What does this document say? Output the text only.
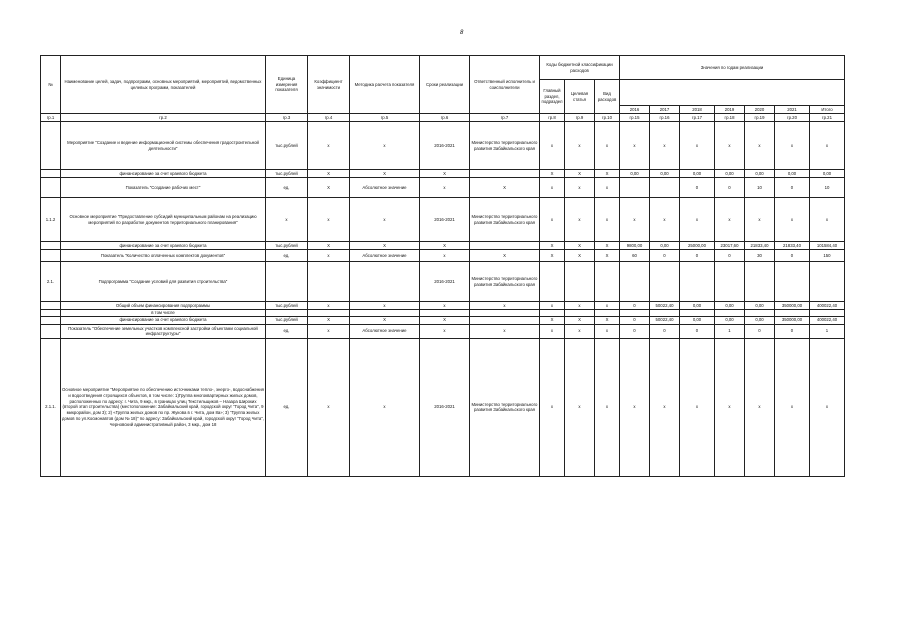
8
№	Наименование целей, задач, подпрограмм, основных мероприятий, мероприятий, ведомственных целевых программ, показателей	Единица измерения показателя	Коэффициент значимости	Методика расчета показателя	Сроки реализации	Ответственный исполнитель и соисполнители	Коды бюджетной классификации расходов			Значения по годам реализации						
							Главный раздел, подраздел	Целевая статья	Вид расходов							
										2016	2017	2018	2019	2020	2021	Итого
гр.1	гр.2	гр.3	гр.4	гр.5	гр.6	гр.7	гр.8	гр.9	гр.10	гр.15	гр.16	гр.17	гр.18	гр.19	гр.20	гр.21
	Мероприятие "Создание и ведение информационной системы обеспечения градостроительной деятельности"	тыс.рублей	х	х	2016-2021	Министерство территориального развития Забайкальского края	х	х	х	х	х	х	х	х	х	х
	финансирование за счет краевого бюджета	тыс.рублей	Х	Х	Х		Х	Х	Х	0,00	0,00	0,00	0,00	0,00	0,00	0,00
	Показатель "Создание рабочих мест"	ед.	Х	Абсолютное значение	х	Х	х	х	х			0	0	10	0	10
1.1.2	Основное мероприятие "Предоставление субсидий муниципальным районам на реализацию мероприятий по разработке документов территориального планирования"	х	х	х	2016-2021	Министерство территориального развития Забайкальского края	х	х	х	х	х	х	х	х	х	х
	финансирование за счет краевого бюджета	тыс.рублей	Х	Х	Х		Х	Х	Х	9800,00	0,00	25000,00	23017,60	21833,40	21833,40	101584,40
	Показатель "Количество оплаченных комплектов документов"	ед.	х	Абсолютное значение	х	Х	Х	Х	Х	60	0	0	0	30	0	150
2.1.	Подпрограмма "Создание условий для развития строительства"				2016-2021	Министерство территориального развития Забайкальского края										
	Общий объем финансирования подпрограммы	тыс.рублей	х	х	х	х	х	х	х	0	50022,40	0,00	0,00	0,00	350000,00	400022,40
	в том числе															
	финансирование за счет краевого бюджета	тыс.рублей	Х	Х	Х		Х	Х	Х	0	50022,40	0,00	0,00	0,00	350000,00	400022,40
	Показатель "Обеспечение земельных участков комплексной застройки объектами социальной инфраструктуры"	ед.	х	Абсолютное значение	х	х	х	х	х	0	0	0	1	0	0	1
2.1.1.	Основное мероприятие "Мероприятие по обеспечению источниками тепло-, энерго-, водоснабжения и водоотведения строящихся объектов, в том числе: 1)Группа многоквартирных жилых домов, расположенных по адресу: г. Чита, 9 мкр., в границах улиц Текстильщиков – Назара Широких (второй этап строительства) (местоположение: Забайкальский край, городской округ "Город Чита", 9 микрорайон, дом 3); 2) «Группа жилых домов по пр. Жукова в г. Чита, дом 8а»; 3) "Группа жилых домов по ул.Космонавтов (дом № 18)" по адресу: Забайкальский край, городской округ "Город Чита", Черновский административный район, 3 мкр., дом 18	ед.	х	х	2016-2021	Министерство территориального развития Забайкальского края	х	х	х	х	х	х	х	х	х	х
